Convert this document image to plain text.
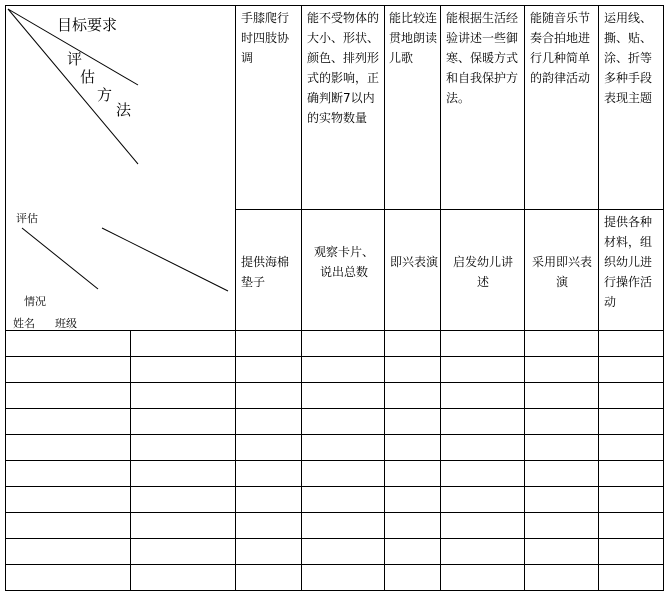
目标要求
评
估
方
法
评估
情况
姓名 班级
手膝爬行时四肢协调
能不受物体的大小、形状、颜色、排列形式的影响，正确判断7以内的实物数量
能比较连贯地朗读儿歌
能根据生活经验讲述一些御寒、保暖方式和自我保护方法。
能随音乐节奏合拍地进行几种简单的韵律活动
运用线、撕、贴、涂、折等多种手段表现主题
提供海棉垫子
观察卡片、说出总数
即兴表演 启发幼儿讲述
采用即兴表演
提供各种材料，组织幼儿进行操作活动
